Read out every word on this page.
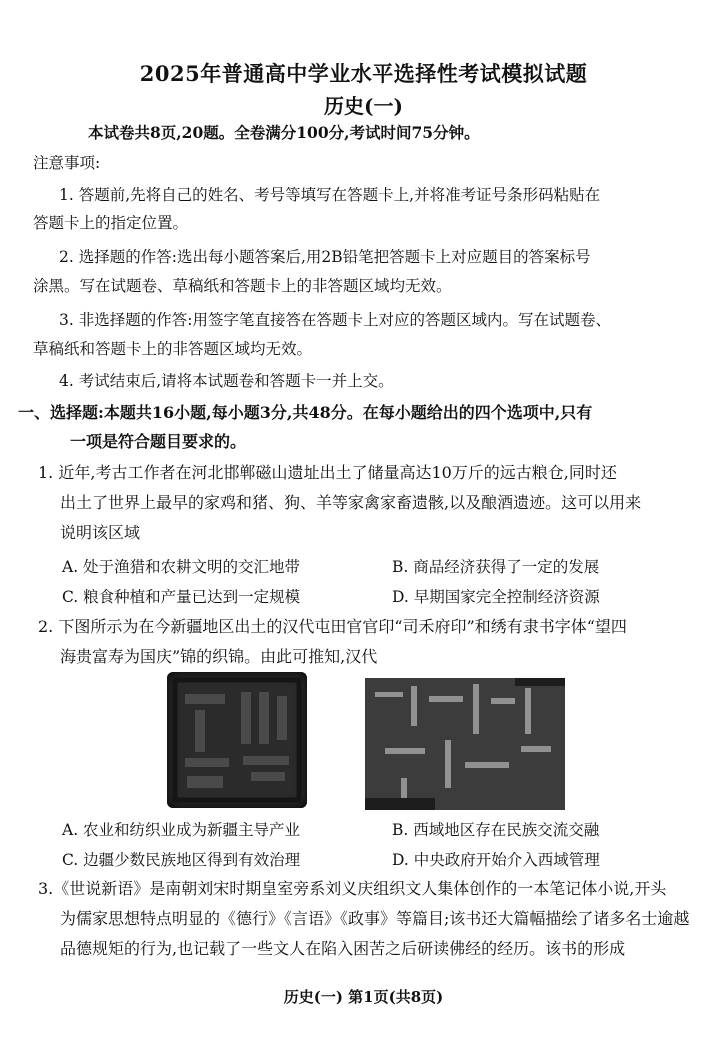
2025年普通高中学业水平选择性考试模拟试题
历史(一)
本试卷共8页,20题。全卷满分100分,考试时间75分钟。
注意事项:
1. 答题前,先将自己的姓名、考号等填写在答题卡上,并将准考证号条形码粘贴在
答题卡上的指定位置。
2. 选择题的作答:选出每小题答案后,用2B铅笔把答题卡上对应题目的答案标号
涂黑。写在试题卷、草稿纸和答题卡上的非答题区域均无效。
3. 非选择题的作答:用签字笔直接答在答题卡上对应的答题区域内。写在试题卷、
草稿纸和答题卡上的非答题区域均无效。
4. 考试结束后,请将本试题卷和答题卡一并上交。
一、选择题:本题共16小题,每小题3分,共48分。在每小题给出的四个选项中,只有
一项是符合题目要求的。
1. 近年,考古工作者在河北邯郸磁山遗址出土了储量高达10万斤的远古粮仓,同时还
出土了世界上最早的家鸡和猪、狗、羊等家禽家畜遗骸,以及酿酒遗迹。这可以用来
说明该区域
A. 处于渔猎和农耕文明的交汇地带	B. 商品经济获得了一定的发展
C. 粮食种植和产量已达到一定规模	D. 早期国家完全控制经济资源
2. 下图所示为在今新疆地区出土的汉代屯田官官印“司禾府印”和绣有隶书字体“望四
海贵富寿为国庆”锦的织锦。由此可推知,汉代
A. 农业和纺织业成为新疆主导产业	B. 西域地区存在民族交流交融
C. 边疆少数民族地区得到有效治理	D. 中央政府开始介入西域管理
3.《世说新语》是南朝刘宋时期皇室旁系刘义庆组织文人集体创作的一本笔记体小说,开头
为儒家思想特点明显的《德行》《言语》《政事》等篇目;该书还大篇幅描绘了诸多名士逾越
品德规矩的行为,也记载了一些文人在陷入困苦之后研读佛经的经历。该书的形成
历史(一) 第1页(共8页)
